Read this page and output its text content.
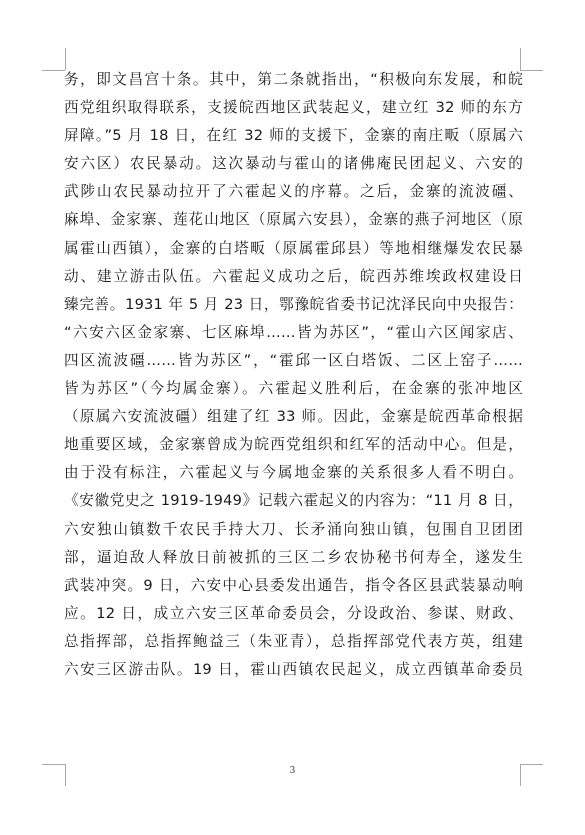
务，即文昌宫十条。其中，第二条就指出，“积极向东发展，和皖
西党组织取得联系，支援皖西地区武装起义，建立红 32 师的东方
屏障。”5 月 18 日，在红 32 师的支援下，金寨的南庄畈（原属六
安六区）农民暴动。这次暴动与霍山的诸佛庵民团起义、六安的
武陟山农民暴动拉开了六霍起义的序幕。之后，金寨的流波礓、
麻埠、金家寨、莲花山地区（原属六安县），金寨的燕子河地区（原
属霍山西镇），金寨的白塔畈（原属霍邱县）等地相继爆发农民暴
动、建立游击队伍。六霍起义成功之后，皖西苏维埃政权建设日
臻完善。1931 年 5 月 23 日，鄂豫皖省委书记沈泽民向中央报告：
“六安六区金家寨、七区麻埠……皆为苏区”，“霍山六区闻家店、
四区流波礓……皆为苏区”，“霍邱一区白塔饭、二区上窑子……
皆为苏区”（今均属金寨）。六霍起义胜利后，在金寨的张冲地区
（原属六安流波礓）组建了红 33 师。因此，金寨是皖西革命根据
地重要区域，金家寨曾成为皖西党组织和红军的活动中心。但是，
由于没有标注，六霍起义与今属地金寨的关系很多人看不明白。
《安徽党史之 1919-1949》记载六霍起义的内容为：“11 月 8 日，
六安独山镇数千农民手持大刀、长矛涌向独山镇，包围自卫团团
部，逼迫敌人释放日前被抓的三区二乡农协秘书何寿全，遂发生
武装冲突。9 日，六安中心县委发出通告，指令各区县武装暴动响
应。12 日，成立六安三区革命委员会，分设政治、参谋、财政、
总指挥部，总指挥鲍益三（朱亚青），总指挥部党代表方英，组建
六安三区游击队。19 日，霍山西镇农民起义，成立西镇革命委员
3
